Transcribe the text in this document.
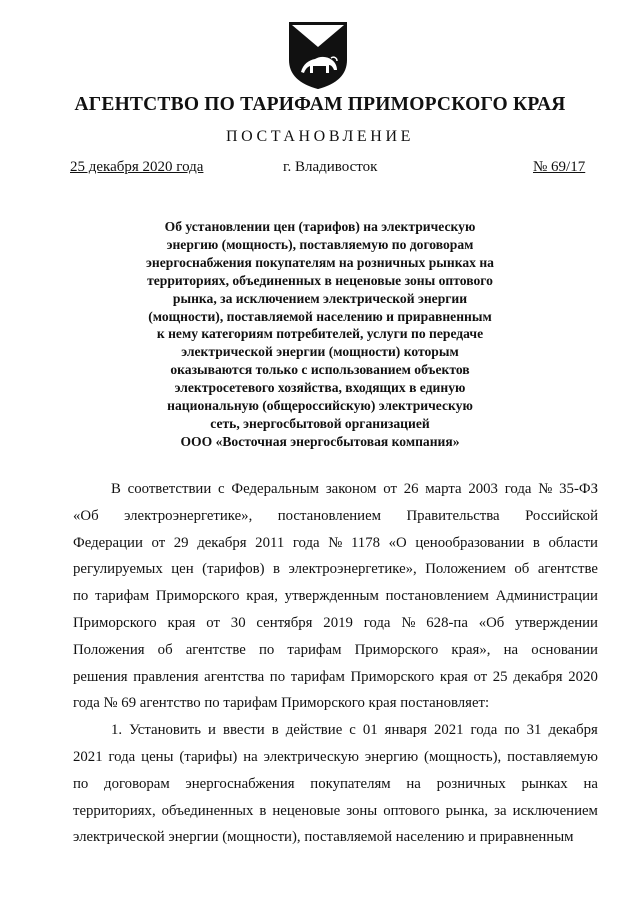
АГЕНТСТВО ПО ТАРИФАМ ПРИМОРСКОГО КРАЯ
ПОСТАНОВЛЕНИЕ
25 декабря 2020 года	г. Владивосток	№ 69/17
Об установлении цен (тарифов) на электрическую
энергию (мощность), поставляемую по договорам
энергоснабжения покупателям на розничных рынках на
территориях, объединенных в неценовые зоны оптового
рынка, за исключением электрической энергии
(мощности), поставляемой населению и приравненным
к нему категориям потребителей, услуги по передаче
электрической энергии (мощности) которым
оказываются только с использованием объектов
электросетевого хозяйства, входящих в единую
национальную (общероссийскую) электрическую
сеть, энергосбытовой организацией
ООО «Восточная энергосбытовая компания»
В соответствии с Федеральным законом от 26 марта 2003 года № 35-ФЗ
«Об электроэнергетике», постановлением Правительства Российской
Федерации от 29 декабря 2011 года № 1178 «О ценообразовании в области
регулируемых цен (тарифов) в электроэнергетике», Положением об агентстве
по тарифам Приморского края, утвержденным постановлением Администрации
Приморского края от 30 сентября 2019 года № 628-па «Об утверждении
Положения об агентстве по тарифам Приморского края», на основании
решения правления агентства по тарифам Приморского края от 25 декабря 2020
года № 69 агентство по тарифам Приморского края постановляет:
1. Установить и ввести в действие с 01 января 2021 года по 31 декабря
2021 года цены (тарифы) на электрическую энергию (мощность), поставляемую
по договорам энергоснабжения покупателям на розничных рынках на
территориях, объединенных в неценовые зоны оптового рынка, за исключением
электрической энергии (мощности), поставляемой населению и приравненным
